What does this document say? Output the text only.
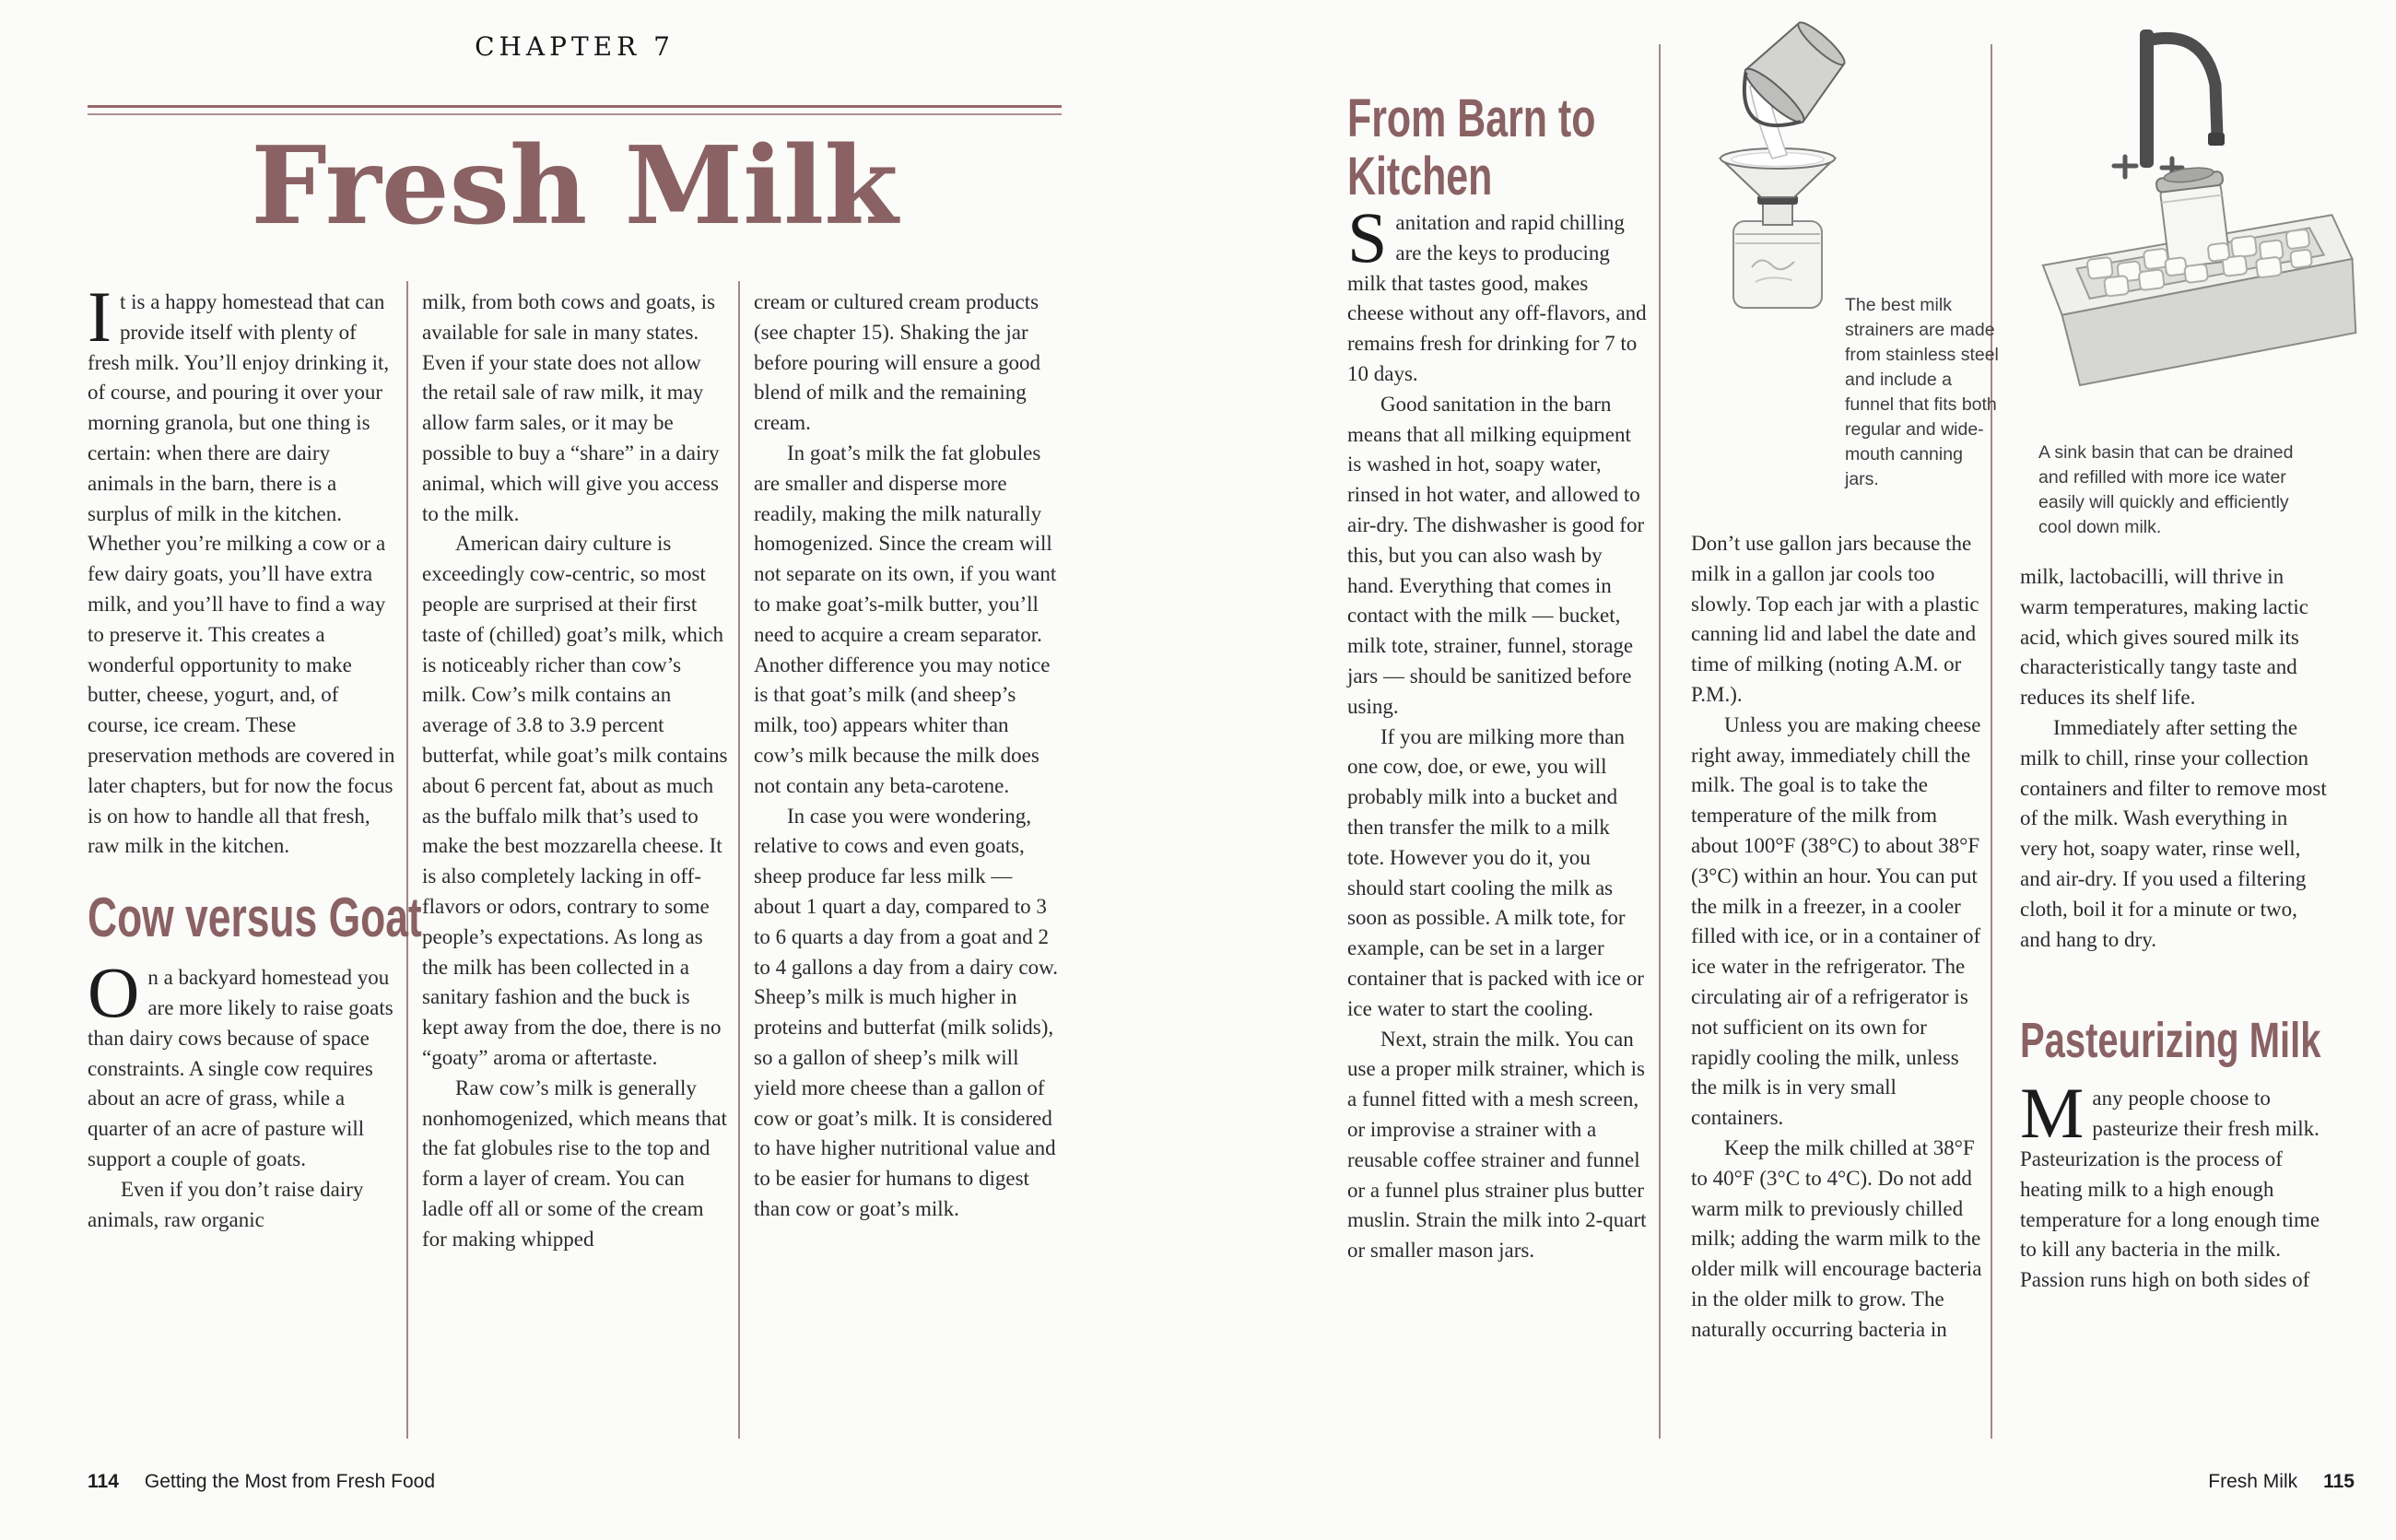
CHAPTER 7
Fresh Milk

It is a happy homestead that can provide itself with plenty of fresh milk. You’ll enjoy drinking it, of course, and pouring it over your morning granola, but one thing is certain: when there are dairy animals in the barn, there is a surplus of milk in the kitchen. Whether you’re milking a cow or a few dairy goats, you’ll have extra milk, and you’ll have to find a way to preserve it. This creates a wonderful opportunity to make butter, cheese, yogurt, and, of course, ice cream. These preservation methods are covered in later chapters, but for now the focus is on how to handle all that fresh, raw milk in the kitchen.

Cow versus Goat

On a backyard homestead you are more likely to raise goats than dairy cows because of space constraints. A single cow requires about an acre of grass, while a quarter of an acre of pasture will support a couple of goats.

Even if you don’t raise dairy animals, raw organic

milk, from both cows and goats, is available for sale in many states. Even if your state does not allow the retail sale of raw milk, it may allow farm sales, or it may be possible to buy a “share” in a dairy animal, which will give you access to the milk.

American dairy culture is exceedingly cow-centric, so most people are surprised at their first taste of (chilled) goat’s milk, which is noticeably richer than cow’s milk. Cow’s milk contains an average of 3.8 to 3.9 percent butterfat, while goat’s milk contains about 6 percent fat, about as much as the buffalo milk that’s used to make the best mozzarella cheese. It is also completely lacking in off-flavors or odors, contrary to some people’s expectations. As long as the milk has been collected in a sanitary fashion and the buck is kept away from the doe, there is no “goaty” aroma or aftertaste.

Raw cow’s milk is generally nonhomogenized, which means that the fat globules rise to the top and form a layer of cream. You can ladle off all or some of the cream for making whipped

cream or cultured cream products (see chapter 15). Shaking the jar before pouring will ensure a good blend of milk and the remaining cream.

In goat’s milk the fat globules are smaller and disperse more readily, making the milk naturally homogenized. Since the cream will not separate on its own, if you want to make goat’s-milk butter, you’ll need to acquire a cream separator. Another difference you may notice is that goat’s milk (and sheep’s milk, too) appears whiter than cow’s milk because the milk does not contain any beta-carotene.

In case you were wondering, relative to cows and even goats, sheep produce far less milk — about 1 quart a day, compared to 3 to 6 quarts a day from a goat and 2 to 4 gallons a day from a dairy cow. Sheep’s milk is much higher in proteins and butterfat (milk solids), so a gallon of sheep’s milk will yield more cheese than a gallon of cow or goat’s milk. It is considered to have higher nutritional value and to be easier for humans to digest than cow or goat’s milk.

114 Getting the Most from Fresh Food
From Barn to Kitchen

Sanitation and rapid chilling are the keys to producing milk that tastes good, makes cheese without any off-flavors, and remains fresh for drinking for 7 to 10 days.

Good sanitation in the barn means that all milking equipment is washed in hot, soapy water, rinsed in hot water, and allowed to air-dry. The dishwasher is good for this, but you can also wash by hand. Everything that comes in contact with the milk — bucket, milk tote, strainer, funnel, storage jars — should be sanitized before using.

If you are milking more than one cow, doe, or ewe, you will probably milk into a bucket and then transfer the milk to a milk tote. However you do it, you should start cooling the milk as soon as possible. A milk tote, for example, can be set in a larger container that is packed with ice or ice water to start the cooling.

Next, strain the milk. You can use a proper milk strainer, which is a funnel fitted with a mesh screen, or improvise a strainer with a reusable coffee strainer and funnel or a funnel plus strainer plus butter muslin. Strain the milk into 2-quart or smaller mason jars.

The best milk strainers are made from stainless steel and include a funnel that fits both regular and wide-mouth canning jars.

Don’t use gallon jars because the milk in a gallon jar cools too slowly. Top each jar with a plastic canning lid and label the date and time of milking (noting A.M. or P.M.).

Unless you are making cheese right away, immediately chill the milk. The goal is to take the temperature of the milk from about 100°F (38°C) to about 38°F (3°C) within an hour. You can put the milk in a freezer, in a cooler filled with ice, or in a container of ice water in the refrigerator. The circulating air of a refrigerator is not sufficient on its own for rapidly cooling the milk, unless the milk is in very small containers.

Keep the milk chilled at 38°F to 40°F (3°C to 4°C). Do not add warm milk to previously chilled milk; adding the warm milk to the older milk will encourage bacteria in the older milk to grow. The naturally occurring bacteria in

A sink basin that can be drained and refilled with more ice water easily will quickly and efficiently cool down milk.

milk, lactobacilli, will thrive in warm temperatures, making lactic acid, which gives soured milk its characteristically tangy taste and reduces its shelf life.

Immediately after setting the milk to chill, rinse your collection containers and filter to remove most of the milk. Wash everything in very hot, soapy water, rinse well, and air-dry. If you used a filtering cloth, boil it for a minute or two, and hang to dry.

Pasteurizing Milk

Many people choose to pasteurize their fresh milk. Pasteurization is the process of heating milk to a high enough temperature for a long enough time to kill any bacteria in the milk. Passion runs high on both sides of

Fresh Milk 115
